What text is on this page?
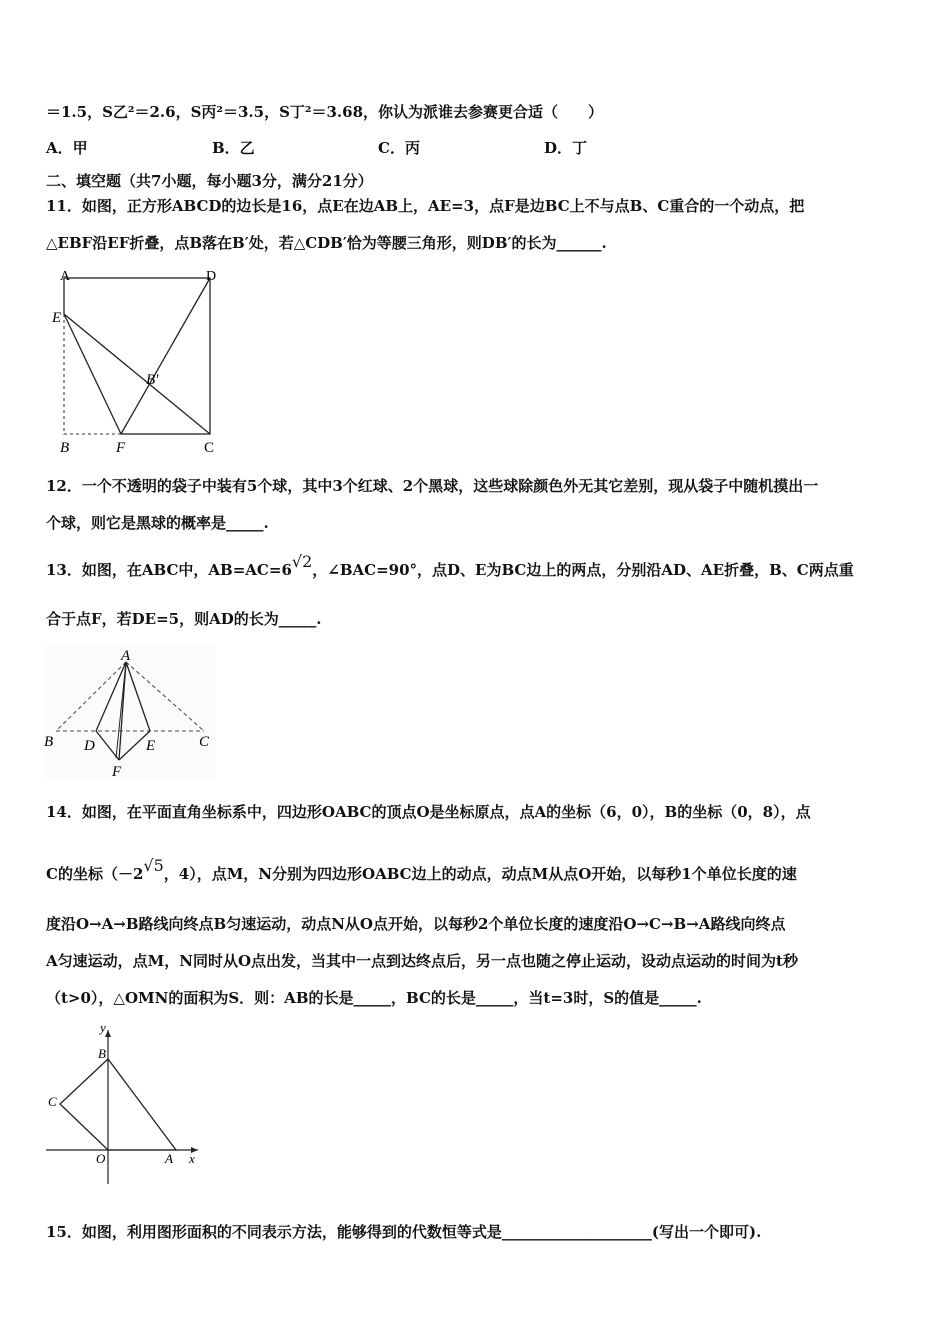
＝1.5，S乙²＝2.6，S丙²＝3.5，S丁²＝3.68，你认为派谁去参赛更合适（　　）
A．甲	B．乙	C．丙	D．丁
二、填空题（共7小题，每小题3分，满分21分）
11．如图，正方形ABCD的边长是16，点E在边AB上，AE=3，点F是边BC上不与点B、C重合的一个动点，把
△EBF沿EF折叠，点B落在B′处，若△CDB′恰为等腰三角形，则DB′的长为______.
A	D
E
B′
B	F	C
12．一个不透明的袋子中装有5个球，其中3个红球、2个黑球，这些球除颜色外无其它差别，现从袋子中随机摸出一
个球，则它是黑球的概率是_____.
13．如图，在ABC中，AB=AC=6√2，∠BAC=90°，点D、E为BC边上的两点，分别沿AD、AE折叠，B、C两点重
合于点F，若DE=5，则AD的长为_____.
A
B D	E	C
F
14．如图，在平面直角坐标系中，四边形OABC的顶点O是坐标原点，点A的坐标（6，0），B的坐标（0，8），点
C的坐标（－2√5，4），点M，N分别为四边形OABC边上的动点，动点M从点O开始，以每秒1个单位长度的速
度沿O→A→B路线向终点B匀速运动，动点N从O点开始，以每秒2个单位长度的速度沿O→C→B→A路线向终点
A匀速运动，点M，N同时从O点出发，当其中一点到达终点后，另一点也随之停止运动，设动点运动的时间为t秒
（t>0），△OMN的面积为S．则：AB的长是_____，BC的长是_____，当t=3时，S的值是_____.
y
B
C
O	A x
15．如图，利用图形面积的不同表示方法，能够得到的代数恒等式是____________________(写出一个即可).
